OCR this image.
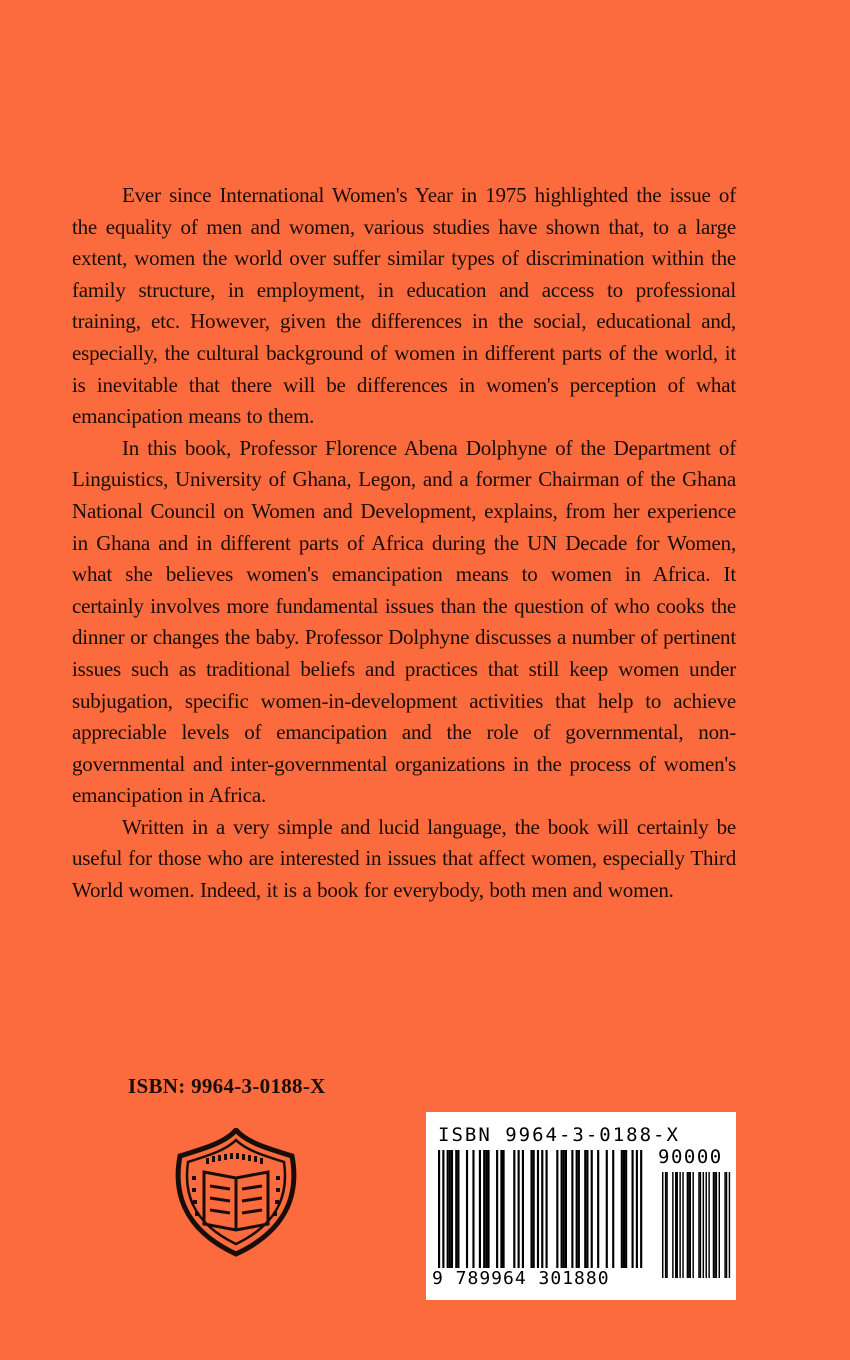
Ever since International Women's Year in 1975 highlighted the issue of the equality of men and women, various studies have shown that, to a large extent, women the world over suffer similar types of discrimination within the family structure, in employment, in education and access to professional training, etc. However, given the differences in the social, educational and, especially, the cultural background of women in different parts of the world, it is inevitable that there will be differences in women's perception of what emancipation means to them.

In this book, Professor Florence Abena Dolphyne of the Department of Linguistics, University of Ghana, Legon, and a former Chairman of the Ghana National Council on Women and Development, explains, from her experience in Ghana and in different parts of Africa during the UN Decade for Women, what she believes women's emancipation means to women in Africa. It certainly involves more fundamental issues than the question of who cooks the dinner or changes the baby. Professor Dolphyne discusses a number of pertinent issues such as traditional beliefs and practices that still keep women under subjugation, specific women-in-development activities that help to achieve appreciable levels of emancipation and the role of governmental, non-governmental and inter-governmental organizations in the process of women's emancipation in Africa.

Written in a very simple and lucid language, the book will certainly be useful for those who are interested in issues that affect women, especially Third World women. Indeed, it is a book for everybody, both men and women.

ISBN: 9964-3-0188-X
ISBN 9964-3-0188-X
90000
9 789964 301880
